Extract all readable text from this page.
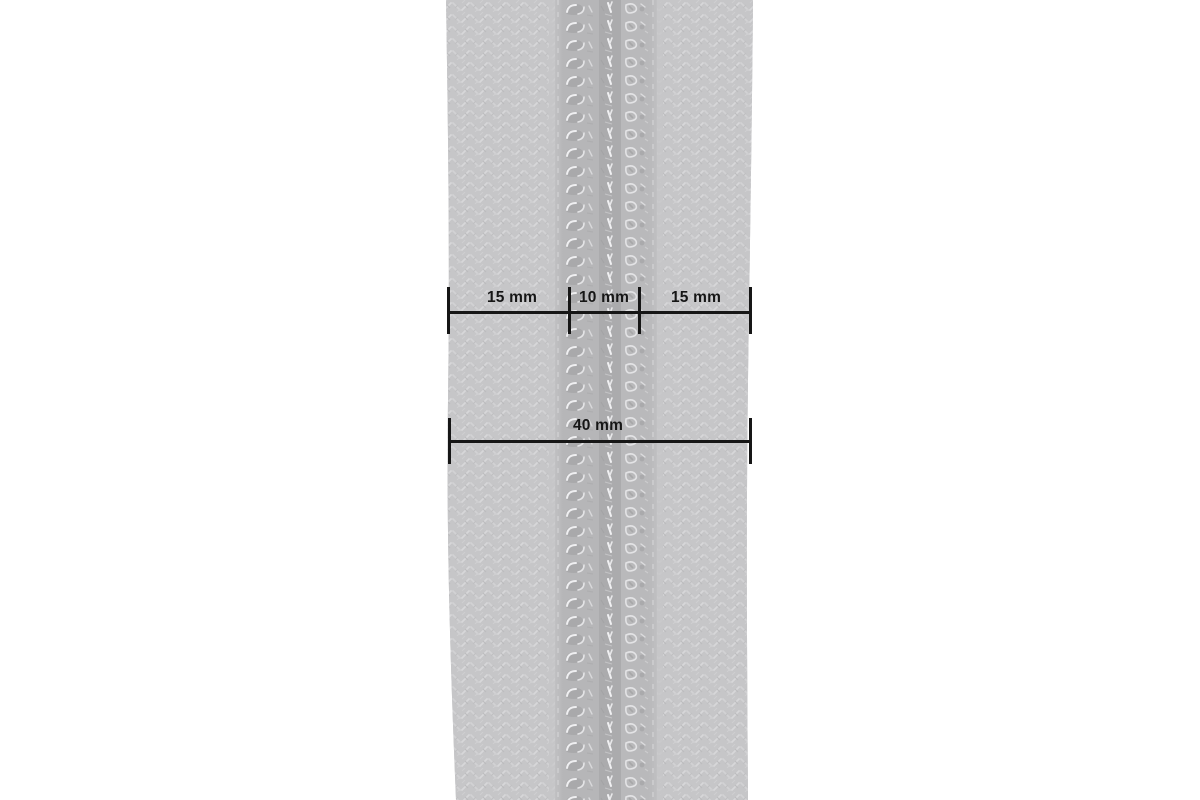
15 mm	10 mm	15 mm
40 mm
